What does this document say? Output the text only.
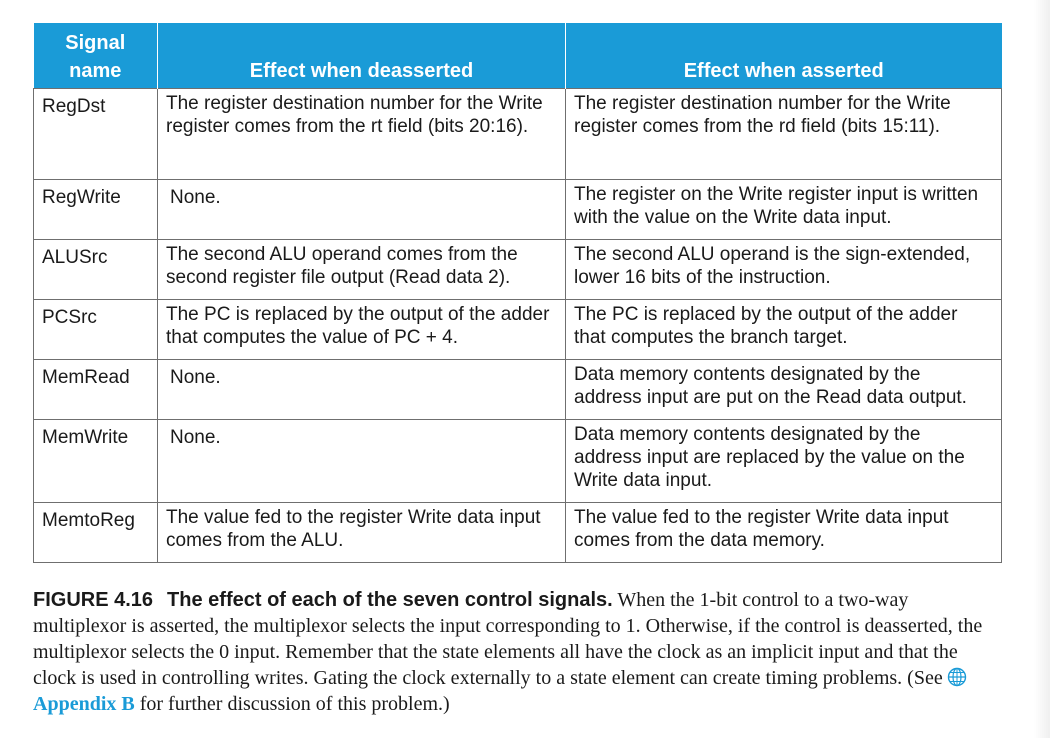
Signal
name	Effect when deasserted	Effect when asserted
RegDst	The register destination number for the Write register comes from the rt field (bits 20:16).	The register destination number for the Write register comes from the rd field (bits 15:11).
RegWrite	None.	The register on the Write register input is written with the value on the Write data input.
ALUSrc	The second ALU operand comes from the second register file output (Read data 2).	The second ALU operand is the sign-extended, lower 16 bits of the instruction.
PCSrc	The PC is replaced by the output of the adder that computes the value of PC + 4.	The PC is replaced by the output of the adder that computes the branch target.
MemRead	None.	Data memory contents designated by the address input are put on the Read data output.
MemWrite	None.	Data memory contents designated by the address input are replaced by the value on the Write data input.
MemtoReg	The value fed to the register Write data input comes from the ALU.	The value fed to the register Write data input comes from the data memory.
FIGURE 4.16 The effect of each of the seven control signals. When the 1-bit control to a two-way multiplexor is asserted, the multiplexor selects the input corresponding to 1. Otherwise, if the control is deasserted, the multiplexor selects the 0 input. Remember that the state elements all have the clock as an implicit input and that the clock is used in controlling writes. Gating the clock externally to a state element can create timing problems. (SeeAppendix B for further discussion of this problem.)
